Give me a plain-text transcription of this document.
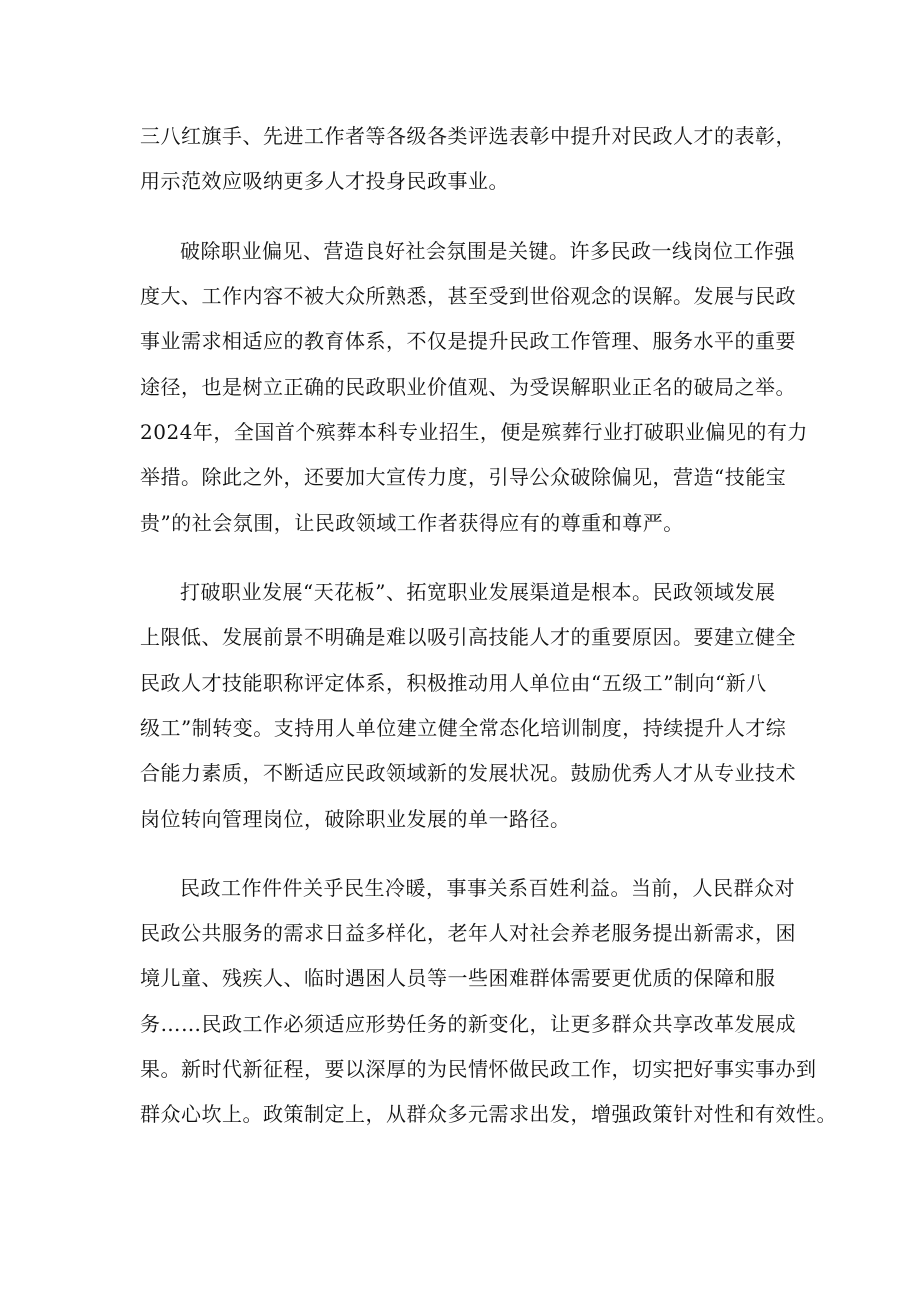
三八红旗手、先进工作者等各级各类评选表彰中提升对民政人才的表彰，
用示范效应吸纳更多人才投身民政事业。
破除职业偏见、营造良好社会氛围是关键。许多民政一线岗位工作强
度大、工作内容不被大众所熟悉，甚至受到世俗观念的误解。发展与民政
事业需求相适应的教育体系，不仅是提升民政工作管理、服务水平的重要
途径，也是树立正确的民政职业价值观、为受误解职业正名的破局之举。
2024年，全国首个殡葬本科专业招生，便是殡葬行业打破职业偏见的有力
举措。除此之外，还要加大宣传力度，引导公众破除偏见，营造“技能宝
贵”的社会氛围，让民政领域工作者获得应有的尊重和尊严。
打破职业发展“天花板”、拓宽职业发展渠道是根本。民政领域发展
上限低、发展前景不明确是难以吸引高技能人才的重要原因。要建立健全
民政人才技能职称评定体系，积极推动用人单位由“五级工”制向“新八
级工”制转变。支持用人单位建立健全常态化培训制度，持续提升人才综
合能力素质，不断适应民政领域新的发展状况。鼓励优秀人才从专业技术
岗位转向管理岗位，破除职业发展的单一路径。
民政工作件件关乎民生冷暖，事事关系百姓利益。当前，人民群众对
民政公共服务的需求日益多样化，老年人对社会养老服务提出新需求，困
境儿童、残疾人、临时遇困人员等一些困难群体需要更优质的保障和服
务……民政工作必须适应形势任务的新变化，让更多群众共享改革发展成
果。新时代新征程，要以深厚的为民情怀做民政工作，切实把好事实事办到
群众心坎上。政策制定上，从群众多元需求出发，增强政策针对性和有效性。
